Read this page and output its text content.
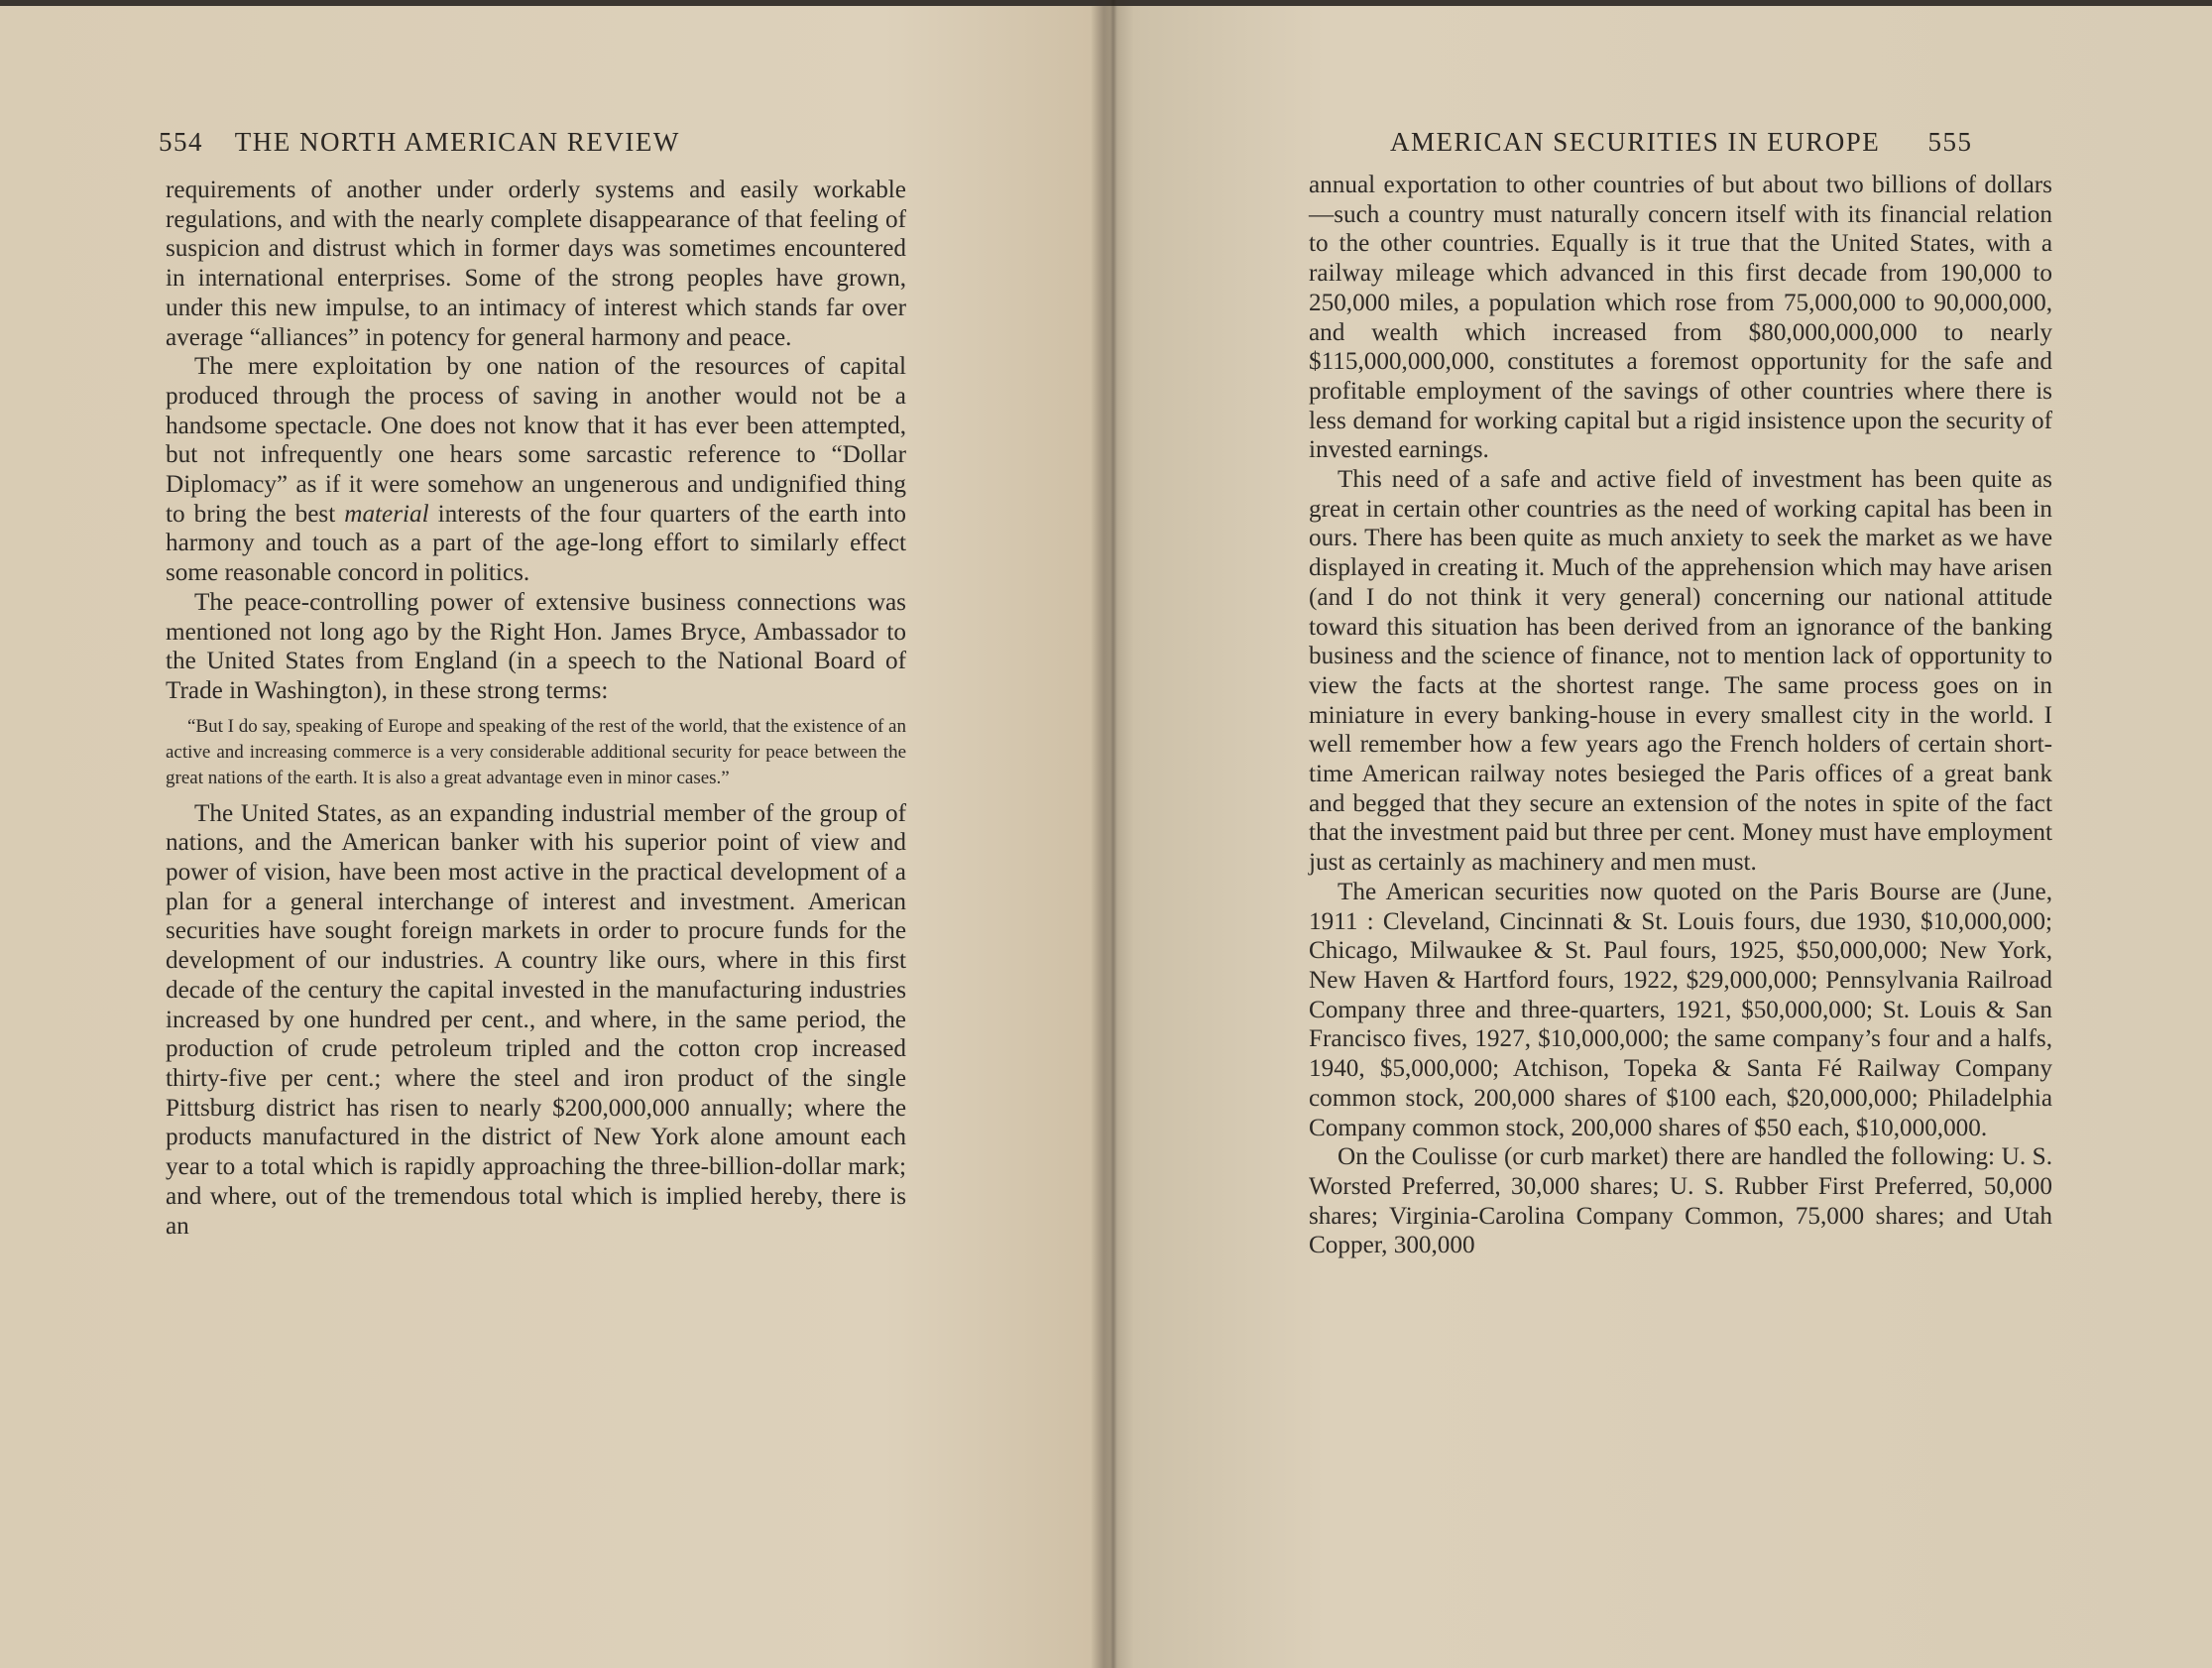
554 THE NORTH AMERICAN REVIEW

requirements of another under orderly systems and easily workable regulations, and with the nearly complete disappearance of that feeling of suspicion and distrust which in former days was sometimes encountered in international enterprises. Some of the strong peoples have grown, under this new impulse, to an intimacy of interest which stands far over average “alliances” in potency for general harmony and peace.

The mere exploitation by one nation of the resources of capital produced through the process of saving in another would not be a handsome spectacle. One does not know that it has ever been attempted, but not infrequently one hears some sarcastic reference to “Dollar Diplomacy” as if it were somehow an ungenerous and undignified thing to bring the best material interests of the four quarters of the earth into harmony and touch as a part of the age-long effort to similarly effect some reasonable concord in politics.

The peace-controlling power of extensive business connections was mentioned not long ago by the Right Hon. James Bryce, Ambassador to the United States from England (in a speech to the National Board of Trade in Washington), in these strong terms:

“But I do say, speaking of Europe and speaking of the rest of the world, that the existence of an active and increasing commerce is a very considerable additional security for peace between the great nations of the earth. It is also a great advantage even in minor cases.”

The United States, as an expanding industrial member of the group of nations, and the American banker with his superior point of view and power of vision, have been most active in the practical development of a plan for a general interchange of interest and investment. American securities have sought foreign markets in order to procure funds for the development of our industries. A country like ours, where in this first decade of the century the capital invested in the manufacturing industries increased by one hundred per cent., and where, in the same period, the production of crude petroleum tripled and the cotton crop increased thirty-five per cent.; where the steel and iron product of the single Pittsburg district has risen to nearly $200,000,000 annually; where the products manufactured in the district of New York alone amount each year to a total which is rapidly approaching the three-billion-dollar mark; and where, out of the tremendous total which is implied hereby, there is an

AMERICAN SECURITIES IN EUROPE 555

annual exportation to other countries of but about two billions of dollars—such a country must naturally concern itself with its financial relation to the other countries. Equally is it true that the United States, with a railway mileage which advanced in this first decade from 190,000 to 250,000 miles, a population which rose from 75,000,000 to 90,000,000, and wealth which increased from $80,000,000,000 to nearly $115,000,000,000, constitutes a foremost opportunity for the safe and profitable employment of the savings of other countries where there is less demand for working capital but a rigid insistence upon the security of invested earnings.

This need of a safe and active field of investment has been quite as great in certain other countries as the need of working capital has been in ours. There has been quite as much anxiety to seek the market as we have displayed in creating it. Much of the apprehension which may have arisen (and I do not think it very general) concerning our national attitude toward this situation has been derived from an ignorance of the banking business and the science of finance, not to mention lack of opportunity to view the facts at the shortest range. The same process goes on in miniature in every banking-house in every smallest city in the world. I well remember how a few years ago the French holders of certain short-time American railway notes besieged the Paris offices of a great bank and begged that they secure an extension of the notes in spite of the fact that the investment paid but three per cent. Money must have employment just as certainly as machinery and men must.

The American securities now quoted on the Paris Bourse are (June, 1911 : Cleveland, Cincinnati & St. Louis fours, due 1930, $10,000,000; Chicago, Milwaukee & St. Paul fours, 1925, $50,000,000; New York, New Haven & Hartford fours, 1922, $29,000,000; Pennsylvania Railroad Company three and three-quarters, 1921, $50,000,000; St. Louis & San Francisco fives, 1927, $10,000,000; the same company’s four and a halfs, 1940, $5,000,000; Atchison, Topeka & Santa Fé Railway Company common stock, 200,000 shares of $100 each, $20,000,000; Philadelphia Company common stock, 200,000 shares of $50 each, $10,000,000.

On the Coulisse (or curb market) there are handled the following: U. S. Worsted Preferred, 30,000 shares; U. S. Rubber First Preferred, 50,000 shares; Virginia-Carolina Company Common, 75,000 shares; and Utah Copper, 300,000
